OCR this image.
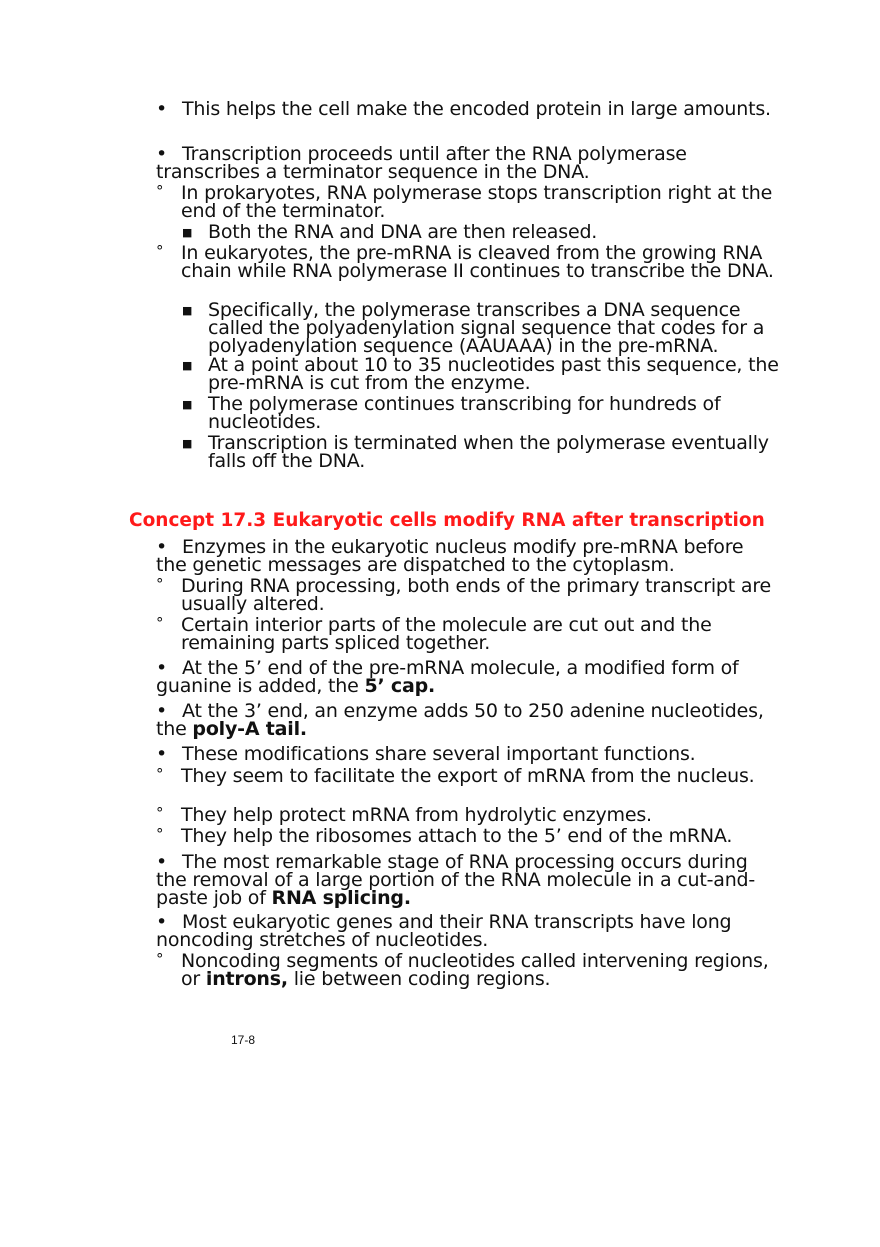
• This helps the cell make the encoded protein in large amounts.

• Transcription proceeds until after the RNA polymerase transcribes a terminator sequence in the DNA.

° In prokaryotes, RNA polymerase stops transcription right at the end of the terminator.

■ Both the RNA and DNA are then released.

° In eukaryotes, the pre-mRNA is cleaved from the growing RNA chain while RNA polymerase II continues to transcribe the DNA.

■ Specifically, the polymerase transcribes a DNA sequence called the polyadenylation signal sequence that codes for a polyadenylation sequence (AAUAAA) in the pre-mRNA.

■ At a point about 10 to 35 nucleotides past this sequence, the pre-mRNA is cut from the enzyme.

■ The polymerase continues transcribing for hundreds of nucleotides.

■ Transcription is terminated when the polymerase eventually falls off the DNA.

Concept 17.3 Eukaryotic cells modify RNA after transcription

• Enzymes in the eukaryotic nucleus modify pre-mRNA before the genetic messages are dispatched to the cytoplasm.

° During RNA processing, both ends of the primary transcript are usually altered.

° Certain interior parts of the molecule are cut out and the remaining parts spliced together.

• At the 5’ end of the pre-mRNA molecule, a modified form of guanine is added, the 5’ cap.

• At the 3’ end, an enzyme adds 50 to 250 adenine nucleotides, the poly-A tail.

• These modifications share several important functions.

° They seem to facilitate the export of mRNA from the nucleus.

° They help protect mRNA from hydrolytic enzymes.

° They help the ribosomes attach to the 5’ end of the mRNA.

• The most remarkable stage of RNA processing occurs during the removal of a large portion of the RNA molecule in a cut-and-paste job of RNA splicing.

• Most eukaryotic genes and their RNA transcripts have long noncoding stretches of nucleotides.

° Noncoding segments of nucleotides called intervening regions, or introns, lie between coding regions.

17-8
